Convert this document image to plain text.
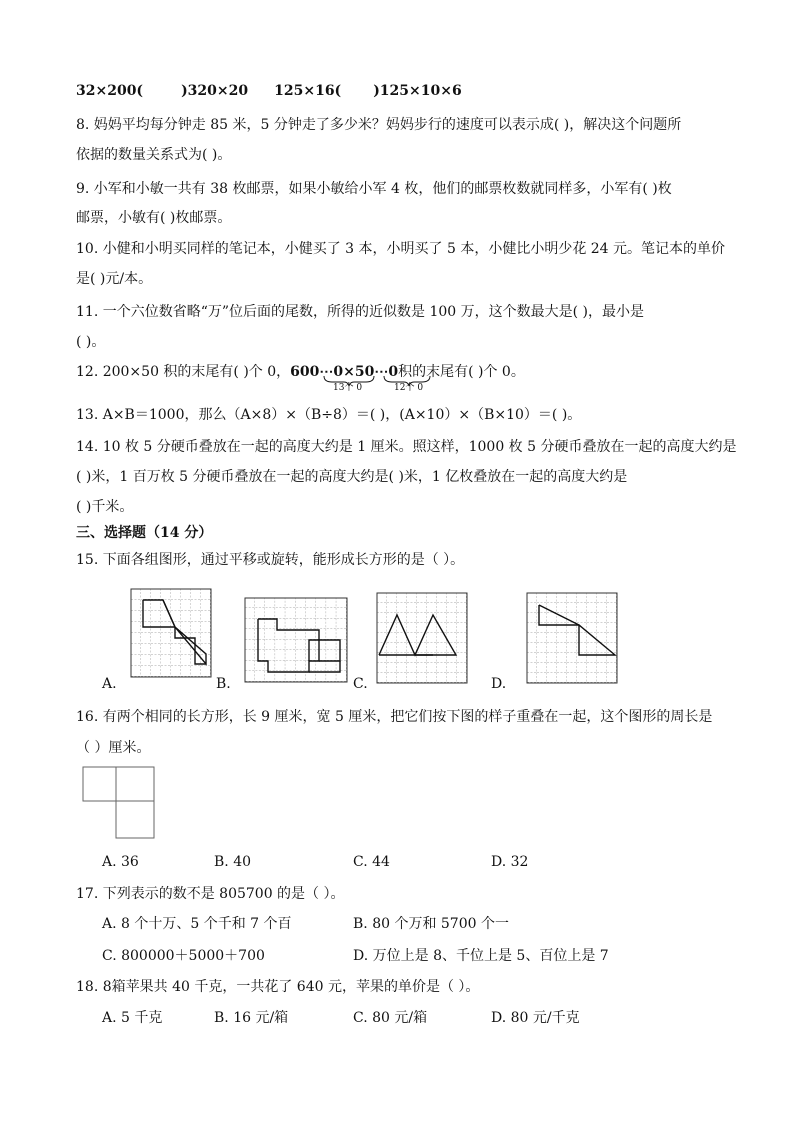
32×200(	)320×20 125×16( )125×10×6
8. 妈妈平均每分钟走 85 米，5 分钟走了多少米？妈妈步行的速度可以表示成( )，解决这个问题所
依据的数量关系式为( )。
9. 小军和小敏一共有 38 枚邮票，如果小敏给小军 4 枚，他们的邮票枚数就同样多，小军有( )枚
邮票，小敏有( )枚邮票。
10. 小健和小明买同样的笔记本，小健买了 3 本，小明买了 5 本，小健比小明少花 24 元。笔记本的单价
是( )元/本。
11. 一个六位数省略“万”位后面的尾数，所得的近似数是 100 万，这个数最大是( )，最小是
( )。
12. 200×50 积的末尾有( )个 0，600⋯0×50⋯0积的末尾有( )个 0。
13个 0	12个 0
13. A×B＝1000，那么（A×8）×（B÷8）＝( )，(A×10）×（B×10）＝( )。
14. 10 枚 5 分硬币叠放在一起的高度大约是 1 厘米。照这样，1000 枚 5 分硬币叠放在一起的高度大约是
( )米，1 百万枚 5 分硬币叠放在一起的高度大约是( )米，1 亿枚叠放在一起的高度大约是
( )千米。
三、选择题（14 分）
15. 下面各组图形，通过平移或旋转，能形成长方形的是（ ）。
A.	B.	C.	D.
16. 有两个相同的长方形，长 9 厘米，宽 5 厘米，把它们按下图的样子重叠在一起，这个图形的周长是
（ ）厘米。
A. 36	B. 40	C. 44	D. 32
17. 下列表示的数不是 805700 的是（ ）。
A. 8 个十万、5 个千和 7 个百	B. 80 个万和 5700 个一
C. 800000＋5000＋700	D. 万位上是 8、千位上是 5、百位上是 7
18. 8箱苹果共 40 千克，一共花了 640 元，苹果的单价是（ ）。
A. 5 千克	B. 16 元/箱	C. 80 元/箱	D. 80 元/千克
